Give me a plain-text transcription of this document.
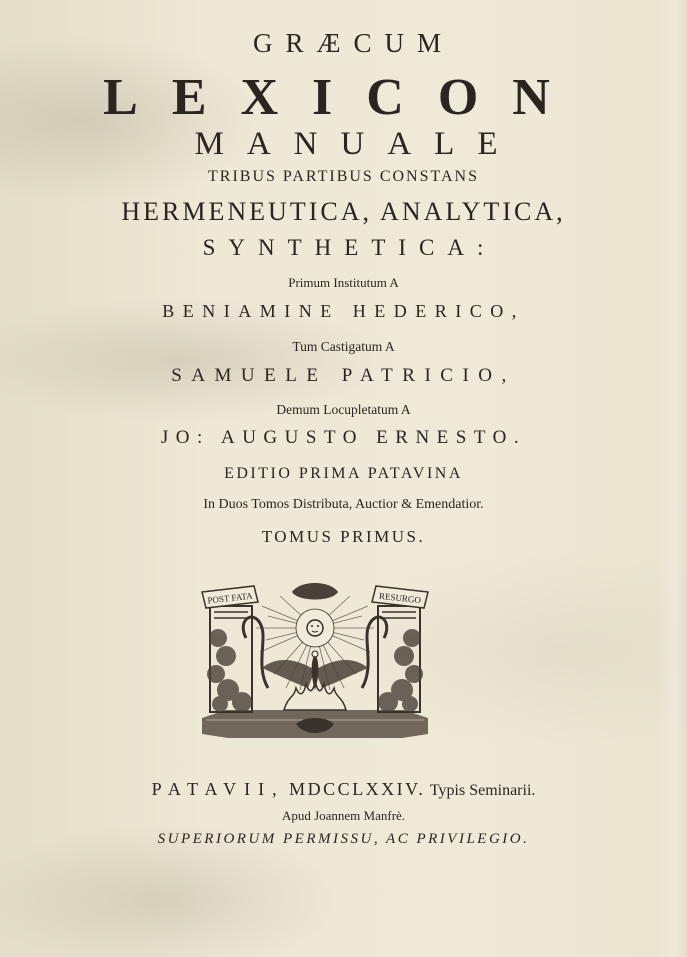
GRÆCUM
LEXICON
MANUALE
TRIBUS PARTIBUS CONSTANS
HERMENEUTICA, ANALYTICA,
SYNTHETICA:
Primum Institutum A
BENIAMINE HEDERICO,
Tum Castigatum A
SAMUELE PATRICIO,
Demum Locupletatum A
JO: AUGUSTO ERNESTO.
EDITIO PRIMA PATAVINA
In Duos Tomos Distributa, Auctior & Emendatior.
TOMUS PRIMUS.
POST FATA	RESURGO
PATAVII, MDCCLXXIV. Typis Seminarii.
Apud Joannem Manfrè.
SUPERIORUM PERMISSU, AC PRIVILEGIO.
